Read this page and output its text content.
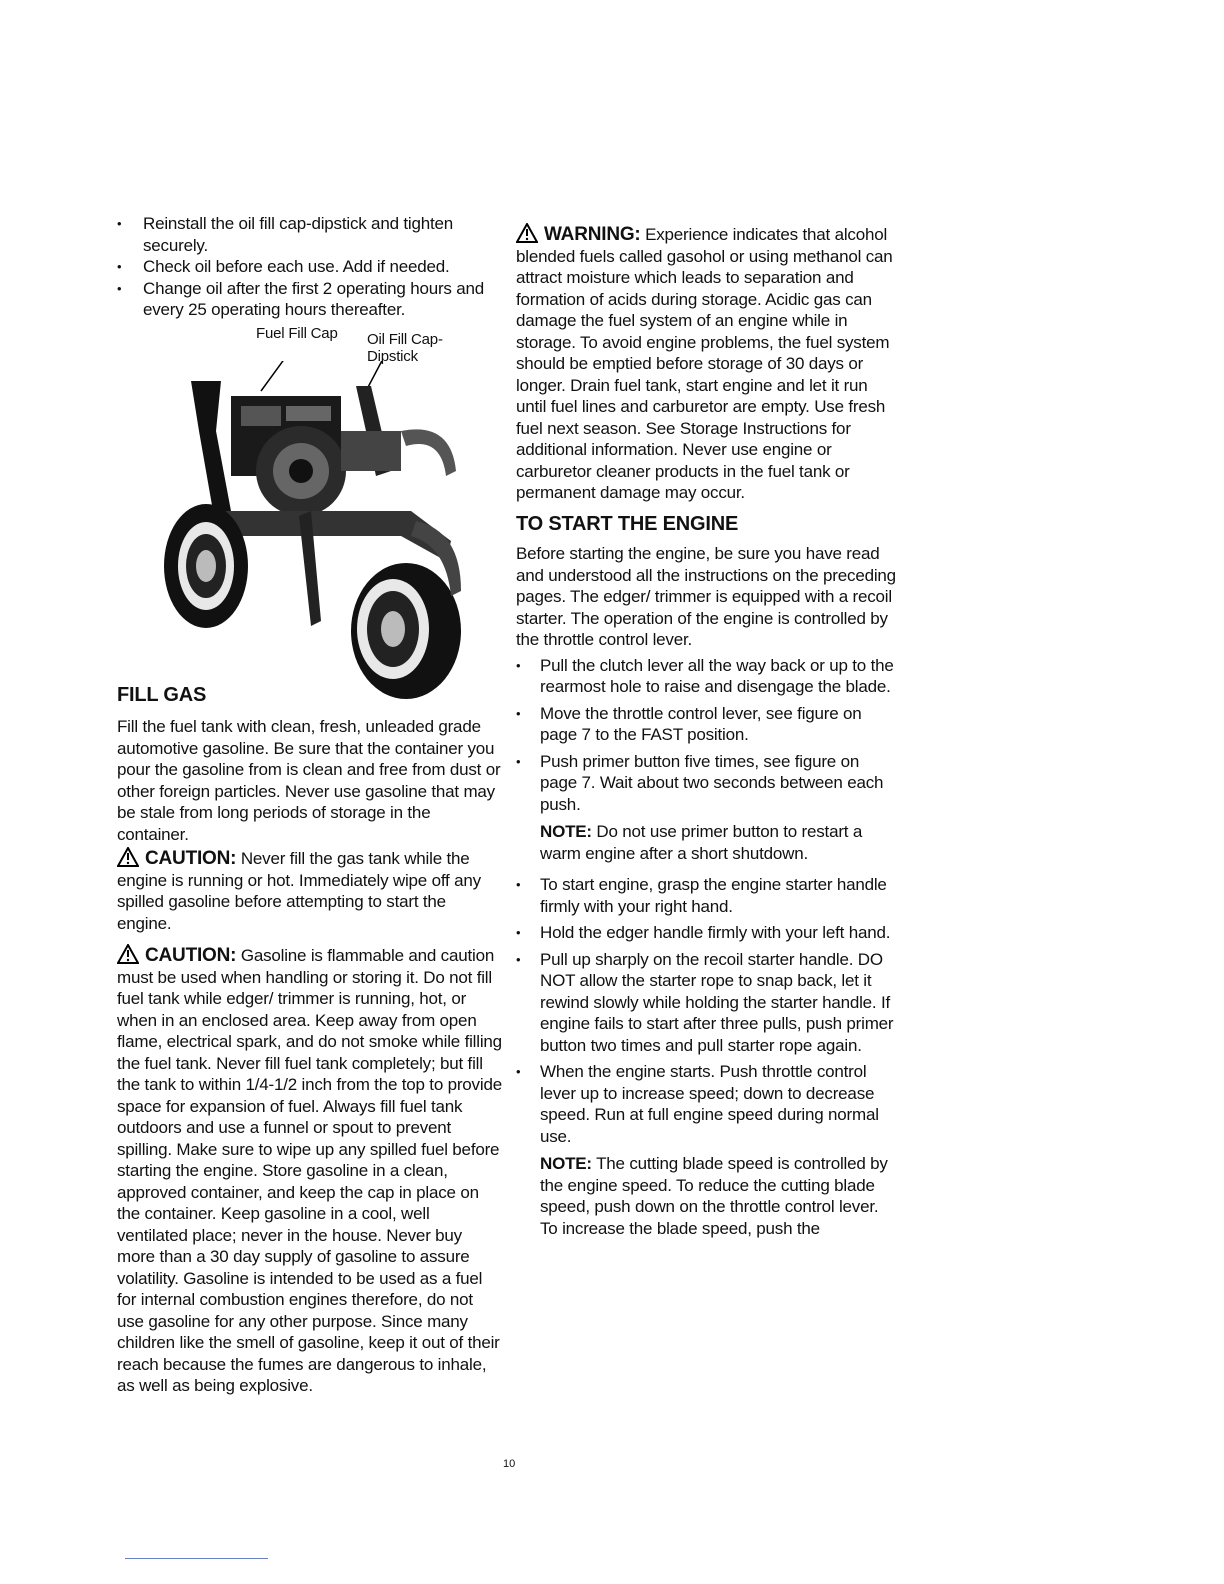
• Reinstall the oil fill cap-dipstick and tighten securely.
• Check oil before each use. Add if needed.
• Change oil after the first 2 operating hours and every 25 operating hours thereafter.
Fuel Fill Cap Oil Fill Cap-Dipstick
FILL GAS

Fill the fuel tank with clean, fresh, unleaded grade automotive gasoline. Be sure that the container you pour the gasoline from is clean and free from dust or other foreign particles. Never use gasoline that may be stale from long periods of storage in the container.

CAUTION: Never fill the gas tank while the engine is running or hot. Immediately wipe off any spilled gasoline before attempting to start the engine.

CAUTION: Gasoline is flammable and caution must be used when handling or storing it. Do not fill fuel tank while edger/ trimmer is running, hot, or when in an enclosed area. Keep away from open flame, electrical spark, and do not smoke while filling the fuel tank. Never fill fuel tank completely; but fill the tank to within 1/4-1/2 inch from the top to provide space for expansion of fuel. Always fill fuel tank outdoors and use a funnel or spout to prevent spilling. Make sure to wipe up any spilled fuel before starting the engine. Store gasoline in a clean, approved container, and keep the cap in place on the container. Keep gasoline in a cool, well ventilated place; never in the house. Never buy more than a 30 day supply of gasoline to assure volatility. Gasoline is intended to be used as a fuel for internal combustion engines therefore, do not use gasoline for any other purpose. Since many children like the smell of gasoline, keep it out of their reach because the fumes are dangerous to inhale, as well as being explosive.

WARNING: Experience indicates that alcohol blended fuels called gasohol or using methanol can attract moisture which leads to separation and formation of acids during storage. Acidic gas can damage the fuel system of an engine while in storage. To avoid engine problems, the fuel system should be emptied before storage of 30 days or longer. Drain fuel tank, start engine and let it run until fuel lines and carburetor are empty. Use fresh fuel next season. See Storage Instructions for additional information. Never use engine or carburetor cleaner products in the fuel tank or permanent damage may occur.

TO START THE ENGINE

Before starting the engine, be sure you have read and understood all the instructions on the preceding pages. The edger/ trimmer is equipped with a recoil starter. The operation of the engine is controlled by the throttle control lever.

• Pull the clutch lever all the way back or up to the rearmost hole to raise and disengage the blade.
• Move the throttle control lever, see figure on page 7 to the FAST position.
• Push primer button five times, see figure on page 7. Wait about two seconds between each push.

NOTE: Do not use primer button to restart a warm engine after a short shutdown.

• To start engine, grasp the engine starter handle firmly with your right hand.
• Hold the edger handle firmly with your left hand.
• Pull up sharply on the recoil starter handle. DO NOT allow the starter rope to snap back, let it rewind slowly while holding the starter handle. If engine fails to start after three pulls, push primer button two times and pull starter rope again.
• When the engine starts. Push throttle control lever up to increase speed; down to decrease speed. Run at full engine speed during normal use.

NOTE: The cutting blade speed is controlled by the engine speed. To reduce the cutting blade speed, push down on the throttle control lever. To increase the blade speed, push the

10
